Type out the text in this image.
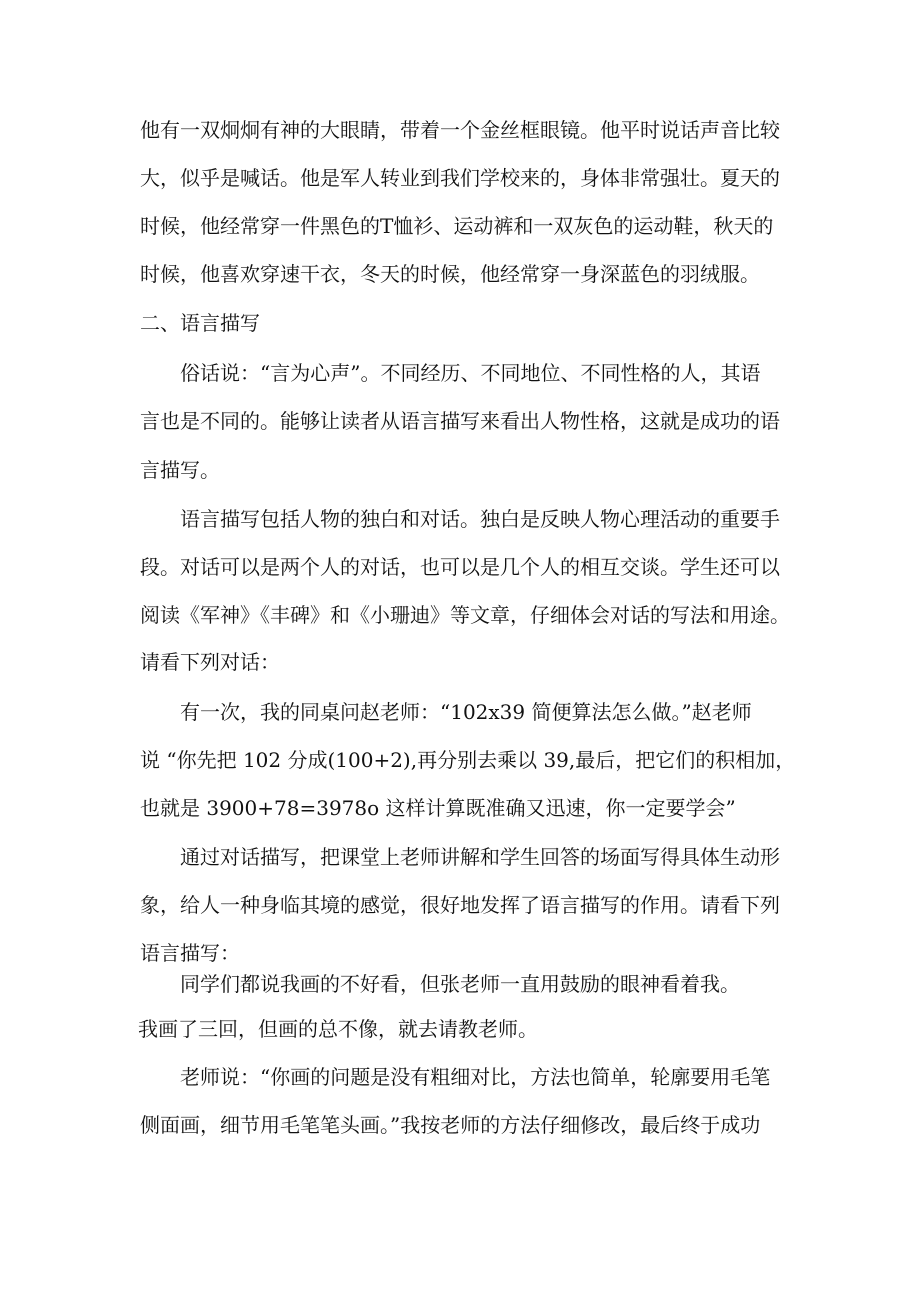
他有一双炯炯有神的大眼睛，带着一个金丝框眼镜。他平时说话声音比较
大，似乎是喊话。他是军人转业到我们学校来的，身体非常强壮。夏天的
时候，他经常穿一件黑色的T恤衫、运动裤和一双灰色的运动鞋，秋天的
时候，他喜欢穿速干衣，冬天的时候，他经常穿一身深蓝色的羽绒服。
二、语言描写
俗话说：“言为心声”。不同经历、不同地位、不同性格的人，其语
言也是不同的。能够让读者从语言描写来看出人物性格，这就是成功的语
言描写。
语言描写包括人物的独白和对话。独白是反映人物心理活动的重要手
段。对话可以是两个人的对话，也可以是几个人的相互交谈。学生还可以
阅读《军神》《丰碑》和《小珊迪》等文章，仔细体会对话的写法和用途。
请看下列对话：
有一次，我的同桌问赵老师：“102x39 简便算法怎么做。”赵老师
说 “你先把 102 分成(100+2),再分别去乘以 39,最后，把它们的积相加，
也就是 3900+78=3978o 这样计算既准确又迅速，你一定要学会”
通过对话描写，把课堂上老师讲解和学生回答的场面写得具体生动形
象，给人一种身临其境的感觉，很好地发挥了语言描写的作用。请看下列
语言描写：
同学们都说我画的不好看，但张老师一直用鼓励的眼神看着我。
我画了三回，但画的总不像，就去请教老师。
老师说：“你画的问题是没有粗细对比，方法也简单，轮廓要用毛笔
侧面画，细节用毛笔笔头画。”我按老师的方法仔细修改，最后终于成功
